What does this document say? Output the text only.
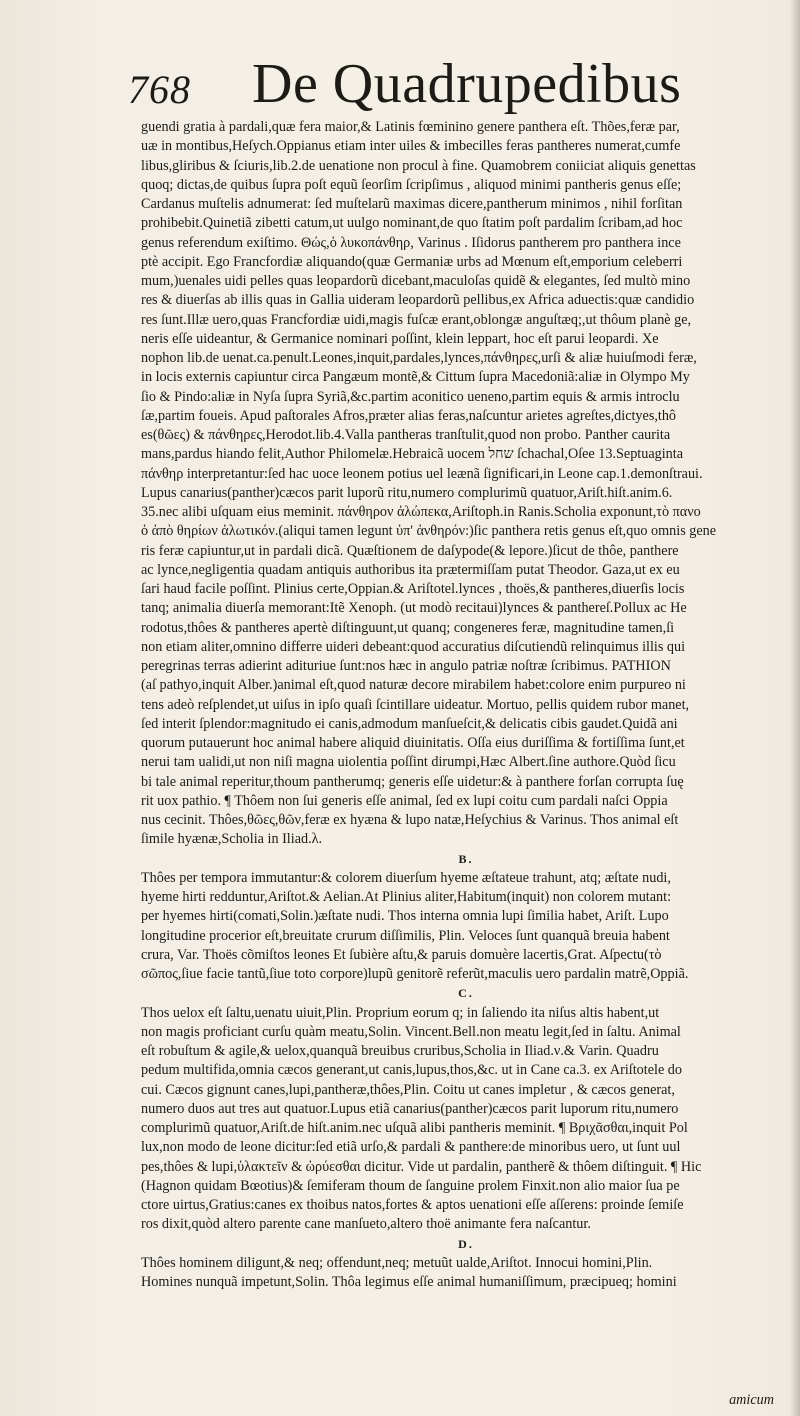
768 De Quadrupedibus
guendi gratia à pardali,quæ fera maior,& Latinis fœminino genere panthera eſt. Thões,feræ par,
uæ in montibus,Heſych.Oppianus etiam inter uiles & imbecilles feras pantheres numerat,cumfe
libus,gliribus & ſciuris,lib.2.de uenatione non procul à fine. Quamobrem coniiciat aliquis genettas
quoq; dictas,de quibus ſupra poſt equũ ſeorſim ſcripſimus , aliquod minimi pantheris genus eſſe;
Cardanus muſtelis adnumerat: ſed muſtelarũ maximas dicere,pantherum minimos , nihil forſitan
prohibebit.Quinetiã zibetti catum,ut uulgo nominant,de quo ſtatim poſt pardalim ſcribam,ad hoc
genus referendum exiſtimo. Θώς,ὁ λυκοπάνθηρ, Varinus . Iſidorus pantherem pro panthera ince
ptè accipit. Ego Francfordiæ aliquando(quæ Germaniæ urbs ad Mœnum eſt,emporium celeberri
mum,)uenales uidi pelles quas leopardorũ dicebant,maculoſas quidẽ & elegantes, ſed multò mino
res & diuerſas ab illis quas in Gallia uideram leopardorũ pellibus,ex Africa aduectis:quæ candidio
res ſunt.Illæ uero,quas Francfordiæ uidi,magis fuſcæ erant,oblongæ anguſtæq;,ut thôum planè ge,
neris eſſe uideantur, & Germanice nominari poſſint, klein leppart, hoc eſt parui leopardi. Xe
nophon lib.de uenat.ca.penult.Leones,inquit,pardales,lynces,πάνθηρες,urſi & aliæ huiuſmodi feræ,
in locis externis capiuntur circa Pangæum montẽ,& Cittum ſupra Macedoniã:aliæ in Olympo My
ſio & Pindo:aliæ in Nyſa ſupra Syriã,&c.partim aconitico ueneno,partim equis & armis introclu
ſæ,partim foueis. Apud paſtorales Afros,præter alias feras,naſcuntur arietes agreſtes,dictyes,thô
es(θῶες) & πάνθηρες,Herodot.lib.4.Valla pantheras tranſtulit,quod non probo. Panther caurita
mans,pardus hiando felit,Author Philomelæ.Hebraicã uocem שחל ſchachal,Oſee 13.Septuaginta
πάνθηρ interpretantur:ſed hac uoce leonem potius uel leænã ſignificari,in Leone cap.1.demonſtraui.
Lupus canarius(panther)cæcos parit luporũ ritu,numero complurimũ quatuor,Ariſt.hiſt.anim.6.
35.nec alibi uſquam eius meminit. πάνθηρον ἀλώπεκα,Ariſtoph.in Ranis.Scholia exponunt,τὸ πανο
ὁ ἀπὸ θηρίων ἁλωτικόν.(aliqui tamen legunt ὑπ' ἀνθηρόν:)ſic panthera retis genus eſt,quo omnis gene
ris feræ capiuntur,ut in pardali dicã. Quæſtionem de daſypode(& lepore.)ſicut de thôe, panthere
ac lynce,negligentia quadam antiquis authoribus ita prætermiſſam putat Theodor. Gaza,ut ex eu
ſari haud facile poſſint. Plinius certe,Oppian.& Ariſtotel.lynces , thoës,& pantheres,diuerſis locis
tanq; animalia diuerſa memorant:Itẽ Xenoph. (ut modò recitaui)lynces & panthereſ.Pollux ac He
rodotus,thôes & pantheres apertè diſtinguunt,ut quanq; congeneres feræ, magnitudine tamen,ſi
non etiam aliter,omnino differre uideri debeant:quod accuratius diſcutiendũ relinquimus illis qui
peregrinas terras adierint adituriue ſunt:nos hæc in angulo patriæ noſtræ ſcribimus. PATHION
(aſ pathyo,inquit Alber.)animal eſt,quod naturæ decore mirabilem habet:colore enim purpureo ni
tens adeò reſplendet,ut uiſus in ipſo quaſi ſcintillare uideatur. Mortuo, pellis quidem rubor manet,
ſed interit ſplendor:magnitudo ei canis,admodum manſueſcit,& delicatis cibis gaudet.Quidã ani
quorum putauerunt hoc animal habere aliquid diuinitatis. Oſſa eius duriſſima & fortiſſima ſunt,et
nerui tam ualidi,ut non niſi magna uiolentia poſſint dirumpi,Hæc Albert.ſine authore.Quòd ſicu
bi tale animal reperitur,thoum pantherumq; generis eſſe uidetur:& à panthere forſan corrupta ſuę
rit uox pathio. ¶ Thôem non ſui generis eſſe animal, ſed ex lupi coitu cum pardali naſci Oppia
nus cecinit. Thôes,θῶες,θῶν,feræ ex hyæna & lupo natæ,Heſychius & Varinus. Thos animal eſt
ſimile hyænæ,Scholia in Iliad.λ.
B.
Thôes per tempora immutantur:& colorem diuerſum hyeme æſtateue trahunt, atq; æſtate nudi,
hyeme hirti redduntur,Ariſtot.& Aelian.At Plinius aliter,Habitum(inquit) non colorem mutant:
per hyemes hirti(comati,Solin.)æſtate nudi. Thos interna omnia lupi ſimilia habet, Ariſt. Lupo
longitudine procerior eſt,breuitate crurum diſſimilis, Plin. Veloces ſunt quanquã breuia habent
crura, Var. Thoës cõmiſtos leones Et ſubière aſtu,& paruis domuère lacertis,Grat. Aſpectu(τὸ
σῶπος,ſiue facie tantũ,ſiue toto corpore)lupũ genitorẽ referũt,maculis uero pardalin matrẽ,Oppiã.
C.
Thos uelox eſt ſaltu,uenatu uiuit,Plin. Proprium eorum q; in ſaliendo ita niſus altis habent,ut
non magis proficiant curſu quàm meatu,Solin. Vincent.Bell.non meatu legit,ſed in ſaltu. Animal
eſt robuſtum & agile,& uelox,quanquã breuibus cruribus,Scholia in Iliad.ν.& Varin. Quadru
pedum multifida,omnia cæcos generant,ut canis,lupus,thos,&c. ut in Cane ca.3. ex Ariſtotele do
cui. Cæcos gignunt canes,lupi,pantheræ,thôes,Plin. Coitu ut canes impletur , & cæcos generat,
numero duos aut tres aut quatuor.Lupus etiã canarius(panther)cæcos parit luporum ritu,numero
complurimũ quatuor,Ariſt.de hiſt.anim.nec uſquã alibi pantheris meminit. ¶ Βριχᾶσθαι,inquit Pol
lux,non modo de leone dicitur:ſed etiã urſo,& pardali & panthere:de minoribus uero, ut ſunt uul
pes,thôes & lupi,ὑλακτεῖν & ὠρύεσθαι dicitur. Vide ut pardalin, pantherẽ & thôem diſtinguit. ¶ Hic
(Hagnon quidam Bœotius)& ſemiferam thoum de ſanguine prolem Finxit.non alio maior ſua pe
ctore uirtus,Gratius:canes ex thoibus natos,fortes & aptos uenationi eſſe aſſerens: proinde ſemiſe
ros dixit,quòd altero parente cane manſueto,altero thoë animante fera naſcantur.
D.
Thôes hominem diligunt,& neq; offendunt,neq; metuũt ualde,Ariſtot. Innocui homini,Plin.
Homines nunquã impetunt,Solin. Thôa legimus eſſe animal humaniſſimum, præcipueq; homini
amicum
